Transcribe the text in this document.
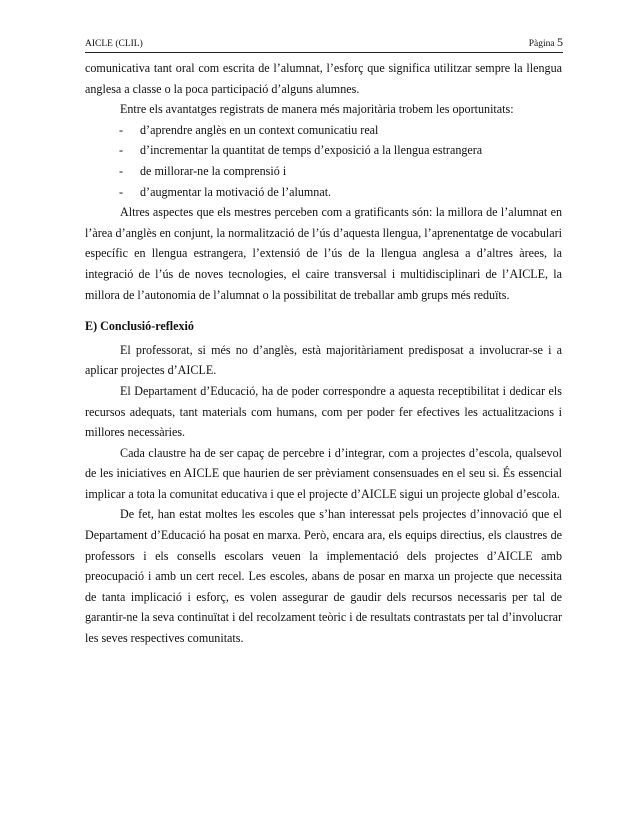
AICLE (CLIL)	Pàgina 5

comunicativa tant oral com escrita de l’alumnat, l’esforç que significa utilitzar sempre la llengua anglesa a classe o la poca participació d’alguns alumnes.

Entre els avantatges registrats de manera més majoritària trobem les oportunitats:

- d’aprendre anglès en un context comunicatiu real
- d’incrementar la quantitat de temps d’exposició a la llengua estrangera
- de millorar-ne la comprensió i
- d’augmentar la motivació de l’alumnat.

Altres aspectes que els mestres perceben com a gratificants són: la millora de l’alumnat en l’àrea d’anglès en conjunt, la normalització de l’ús d’aquesta llengua, l’aprenentatge de vocabulari específic en llengua estrangera, l’extensió de l’ús de la llengua anglesa a d’altres àrees, la integració de l’ús de noves tecnologies, el caire transversal i multidisciplinari de l’AICLE, la millora de l’autonomia de l’alumnat o la possibilitat de treballar amb grups més reduïts.

E) Conclusió-reflexió

El professorat, si més no d’anglès, està majoritàriament predisposat a involucrar-se i a aplicar projectes d’AICLE.

El Departament d’Educació, ha de poder correspondre a aquesta receptibilitat i dedicar els recursos adequats, tant materials com humans, com per poder fer efectives les actualitzacions i millores necessàries.

Cada claustre ha de ser capaç de percebre i d’integrar, com a projectes d’escola, qualsevol de les iniciatives en AICLE que haurien de ser prèviament consensuades en el seu si. És essencial implicar a tota la comunitat educativa i que el projecte d’AICLE sigui un projecte global d’escola.

De fet, han estat moltes les escoles que s’han interessat pels projectes d’innovació que el Departament d’Educació ha posat en marxa. Però, encara ara, els equips directius, els claustres de professors i els consells escolars veuen la implementació dels projectes d’AICLE amb preocupació i amb un cert recel. Les escoles, abans de posar en marxa un projecte que necessita de tanta implicació i esforç, es volen assegurar de gaudir dels recursos necessaris per tal de garantir-ne la seva continuïtat i del recolzament teòric i de resultats contrastats per tal d’involucrar les seves respectives comunitats.
